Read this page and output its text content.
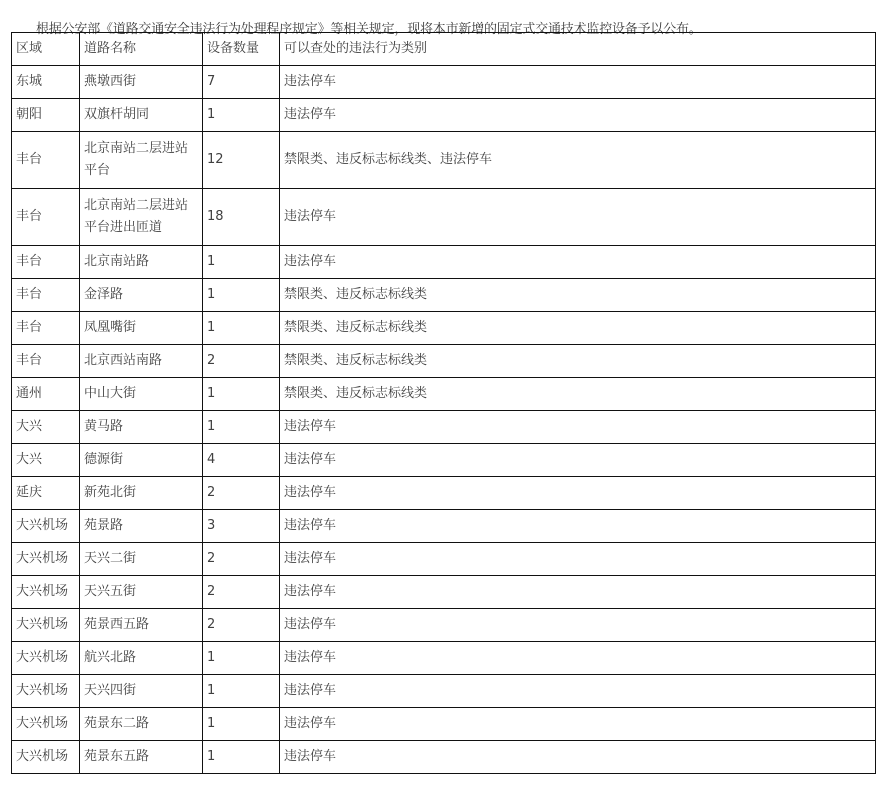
根据公安部《道路交通安全违法行为处理程序规定》等相关规定，现将本市新增的固定式交通技术监控设备予以公布。

区域	道路名称	设备数量	可以查处的违法行为类别
东城	燕墩西街	7	违法停车
朝阳	双旗杆胡同	1	违法停车
丰台	北京南站二层进站平台	12	禁限类、违反标志标线类、违法停车
丰台	北京南站二层进站平台进出匝道	18	违法停车
丰台	北京南站路	1	违法停车
丰台	金泽路	1	禁限类、违反标志标线类
丰台	凤凰嘴街	1	禁限类、违反标志标线类
丰台	北京西站南路	2	禁限类、违反标志标线类
通州	中山大街	1	禁限类、违反标志标线类
大兴	黄马路	1	违法停车
大兴	德源街	4	违法停车
延庆	新苑北街	2	违法停车
大兴机场	苑景路	3	违法停车
大兴机场	天兴二街	2	违法停车
大兴机场	天兴五街	2	违法停车
大兴机场	苑景西五路	2	违法停车
大兴机场	航兴北路	1	违法停车
大兴机场	天兴四街	1	违法停车
大兴机场	苑景东二路	1	违法停车
大兴机场	苑景东五路	1	违法停车
